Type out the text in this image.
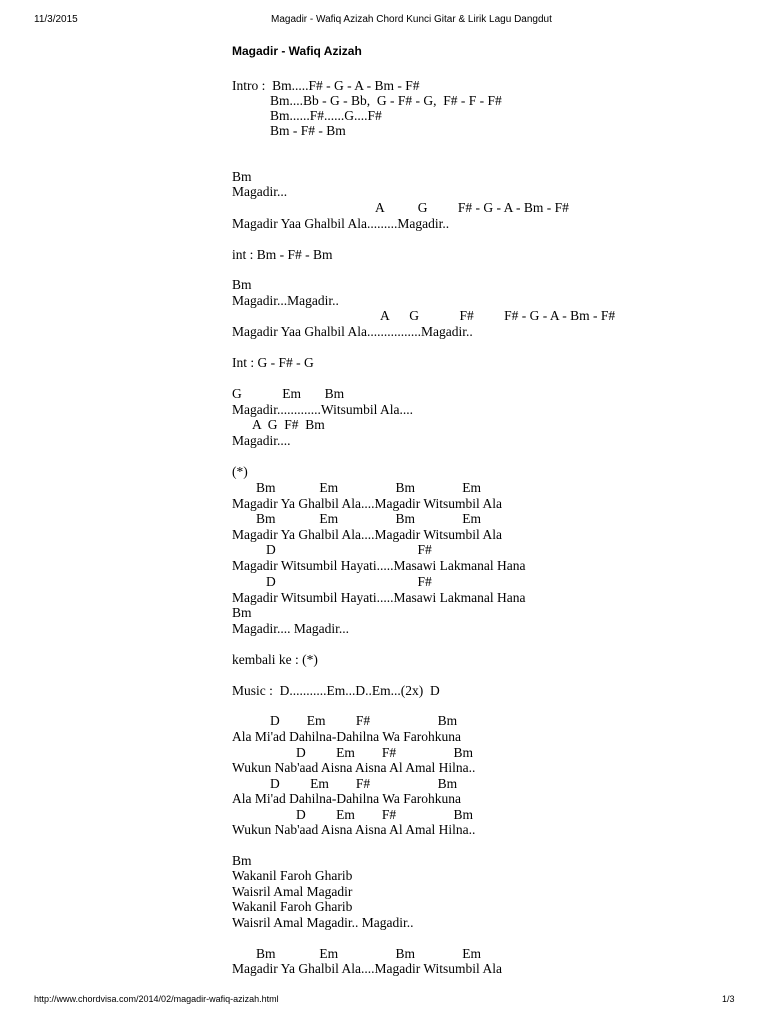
11/3/2015	Magadir - Wafiq Azizah Chord Kunci Gitar & Lirik Lagu Dangdut
Magadir - Wafiq Azizah
Intro :  Bm.....F# - G - A - Bm - F#
Bm....Bb - G - Bb,  G - F# - G,  F# - F - F#
Bm......F#......G....F#
Bm - F# - Bm
Bm
Magadir...
A          G         F# - G - A - Bm - F#
Magadir Yaa Ghalbil Ala.........Magadir..
int : Bm - F# - Bm
Bm
Magadir...Magadir..
A      G            F#         F# - G - A - Bm - F#
Magadir Yaa Ghalbil Ala................Magadir..
Int : G - F# - G
G            Em       Bm
Magadir.............Witsumbil Ala....
A  G  F#  Bm
Magadir....
(*)
Bm             Em                 Bm              Em
Magadir Ya Ghalbil Ala....Magadir Witsumbil Ala
Bm             Em                 Bm              Em
Magadir Ya Ghalbil Ala....Magadir Witsumbil Ala
D                                          F#
Magadir Witsumbil Hayati.....Masawi Lakmanal Hana
D                                          F#
Magadir Witsumbil Hayati.....Masawi Lakmanal Hana
Bm
Magadir.... Magadir...
kembali ke : (*)
Music :  D...........Em...D..Em...(2x)  D
D        Em         F#                    Bm
Ala Mi'ad Dahilna-Dahilna Wa Farohkuna
D         Em        F#                 Bm
Wukun Nab'aad Aisna Aisna Al Amal Hilna..
D         Em        F#                    Bm
Ala Mi'ad Dahilna-Dahilna Wa Farohkuna
D         Em        F#                 Bm
Wukun Nab'aad Aisna Aisna Al Amal Hilna..
Bm
Wakanil Faroh Gharib
Waisril Amal Magadir
Wakanil Faroh Gharib
Waisril Amal Magadir.. Magadir..
Bm             Em                 Bm              Em
Magadir Ya Ghalbil Ala....Magadir Witsumbil Ala
http://www.chordvisa.com/2014/02/magadir-wafiq-azizah.html	1/3
